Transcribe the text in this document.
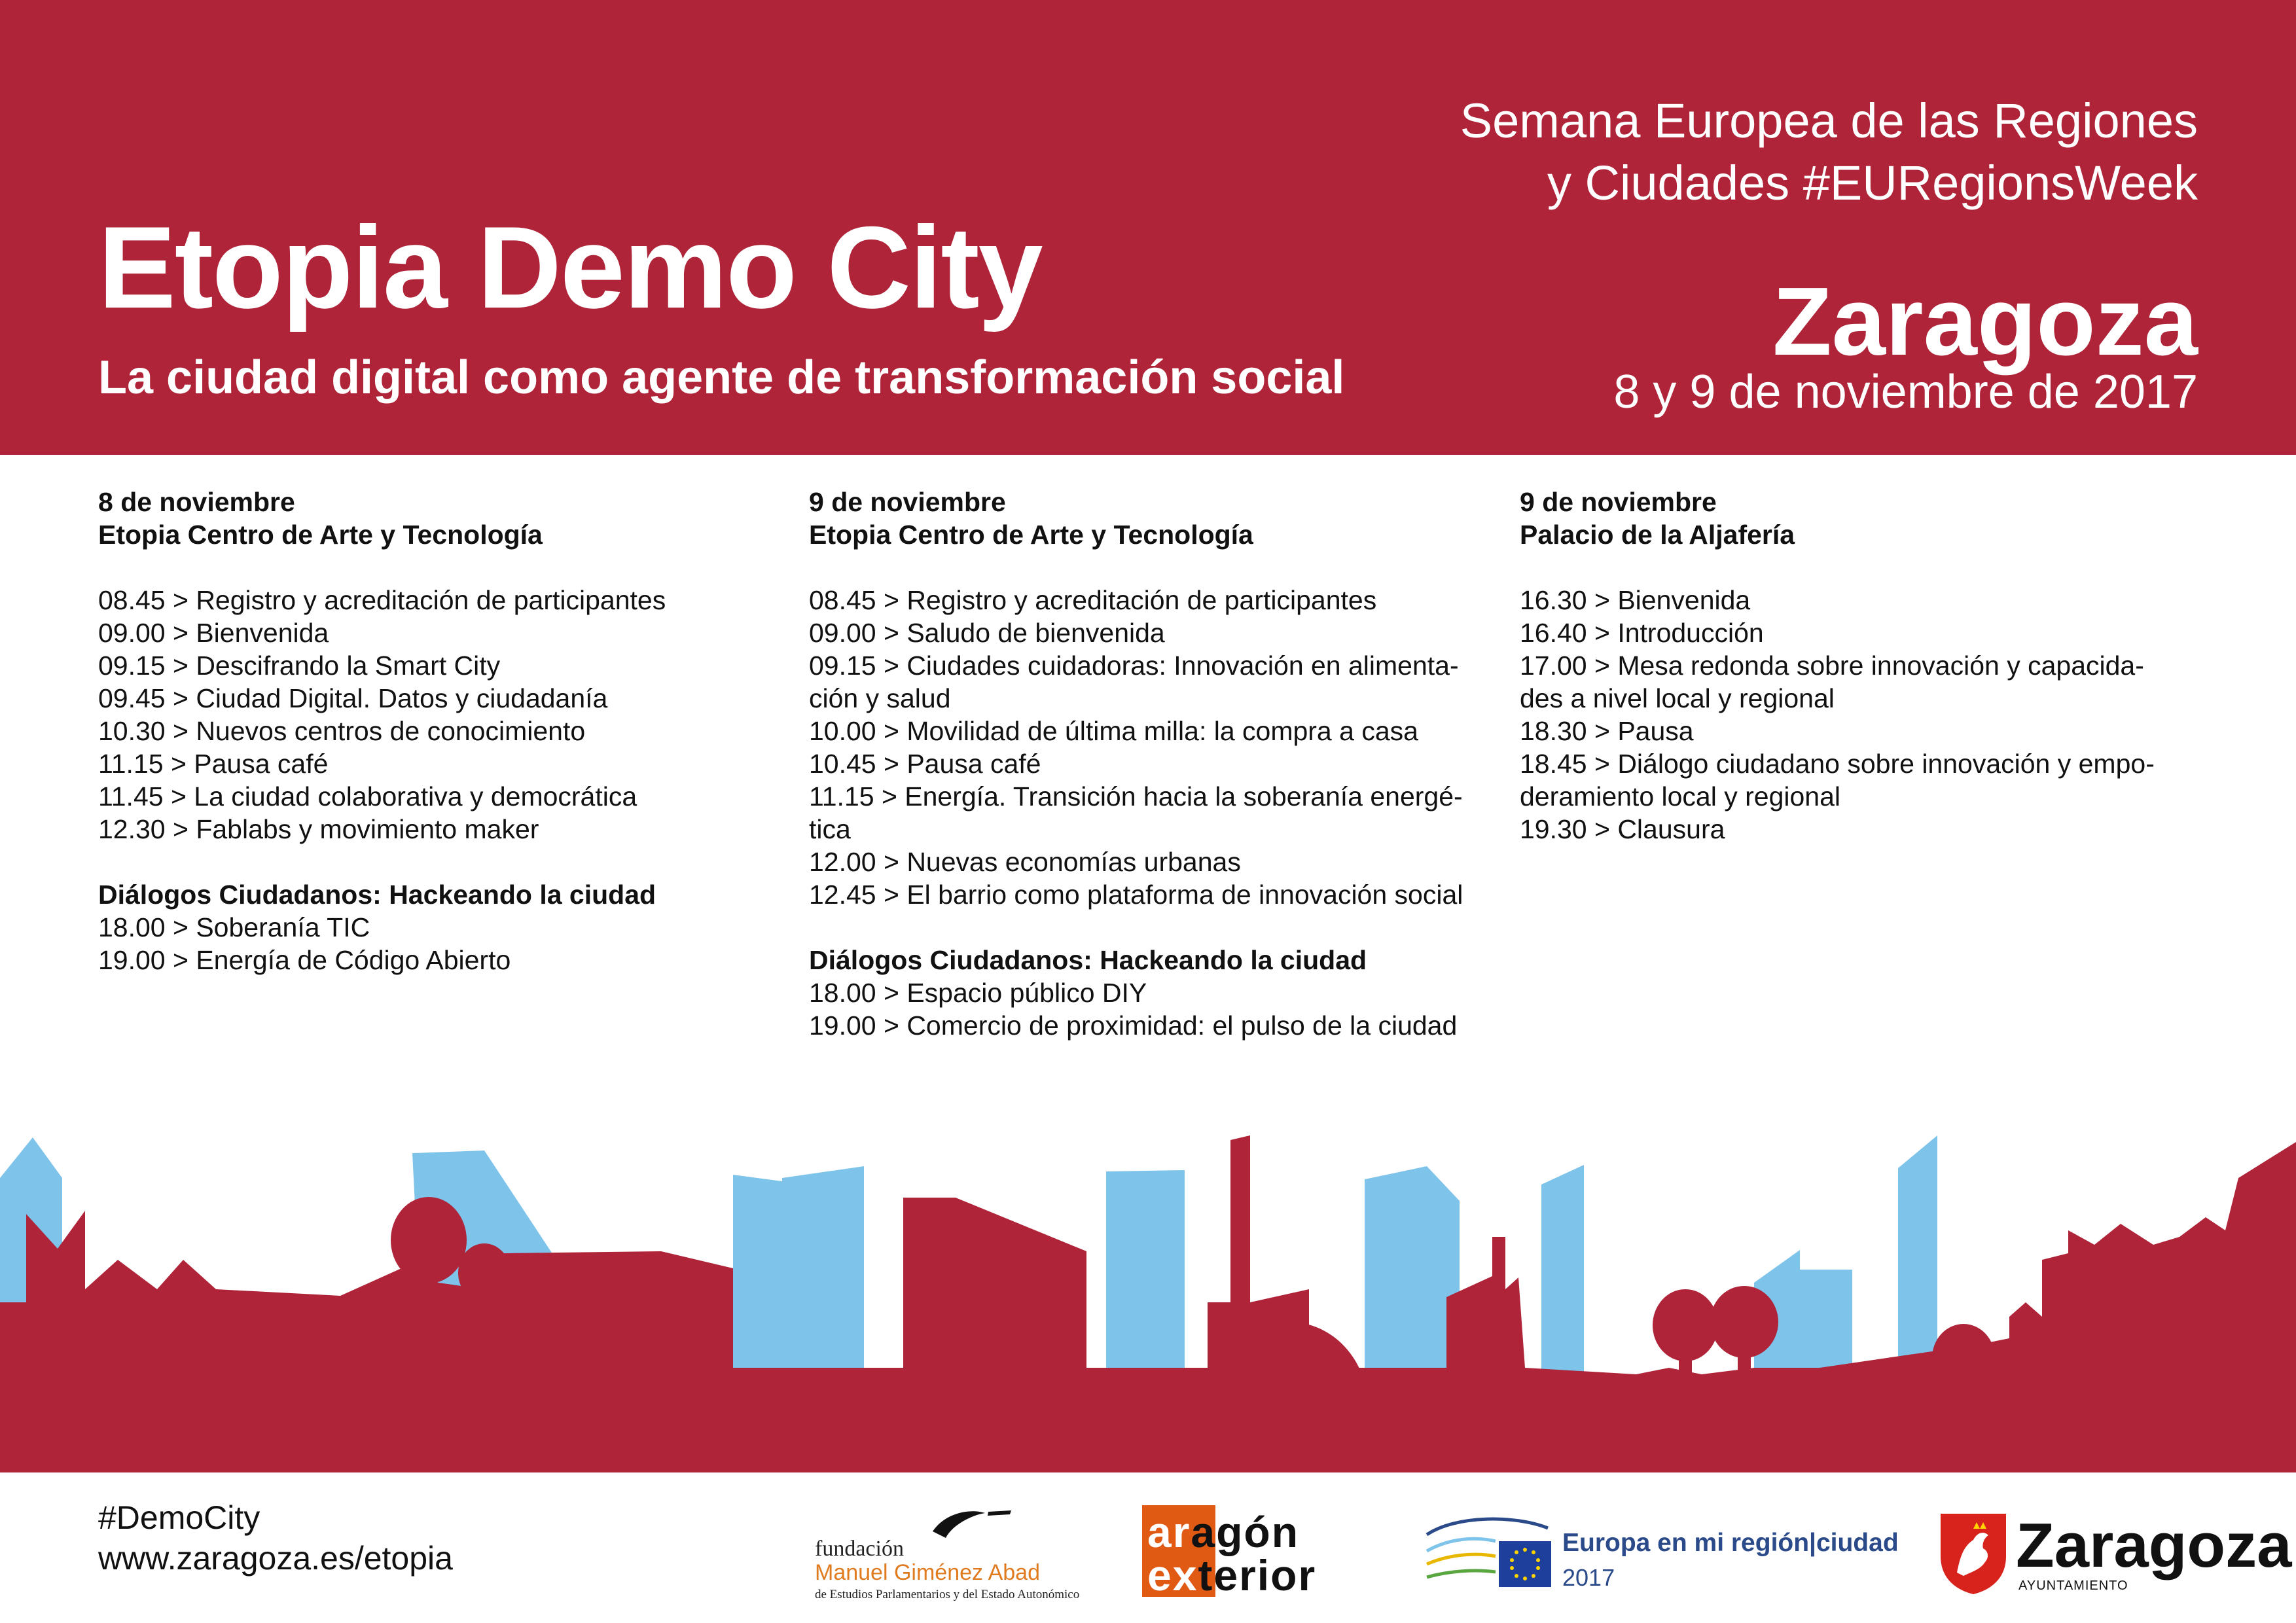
Semana Europea de las Regiones
y Ciudades #EURegionsWeek
Etopia Demo City
La ciudad digital como agente de transformación social
Zaragoza
8 y 9 de noviembre de 2017
8 de noviembre
Etopia Centro de Arte y Tecnología
08.45 > Registro y acreditación de participantes
09.00 > Bienvenida
09.15 > Descifrando la Smart City
09.45 > Ciudad Digital. Datos y ciudadanía
10.30 > Nuevos centros de conocimiento
11.15 > Pausa café
11.45 > La ciudad colaborativa y democrática
12.30 > Fablabs y movimiento maker
Diálogos Ciudadanos: Hackeando la ciudad
18.00 > Soberanía TIC
19.00 > Energía de Código Abierto
9 de noviembre
Etopia Centro de Arte y Tecnología
08.45 > Registro y acreditación de participantes
09.00 > Saludo de bienvenida
09.15 > Ciudades cuidadoras: Innovación en alimenta-
ción y salud
10.00 > Movilidad de última milla: la compra a casa
10.45 > Pausa café
11.15 > Energía. Transición hacia la soberanía energé-
tica
12.00 > Nuevas economías urbanas
12.45 > El barrio como plataforma de innovación social
Diálogos Ciudadanos: Hackeando la ciudad
18.00 > Espacio público DIY
19.00 > Comercio de proximidad: el pulso de la ciudad
9 de noviembre
Palacio de la Aljafería
16.30 > Bienvenida
16.40 > Introducción
17.00 > Mesa redonda sobre innovación y capacida-
des a nivel local y regional
18.30 > Pausa
18.45 > Diálogo ciudadano sobre innovación y empo-
deramiento local y regional
19.30 > Clausura
#DemoCity
www.zaragoza.es/etopia	fundación
Manuel Giménez Abad
de Estudios Parlamentarios y del Estado Autonómico
aragón
exterior
Europa en mi región|ciudad
2017	Zaragoza
AYUNTAMIENTO
